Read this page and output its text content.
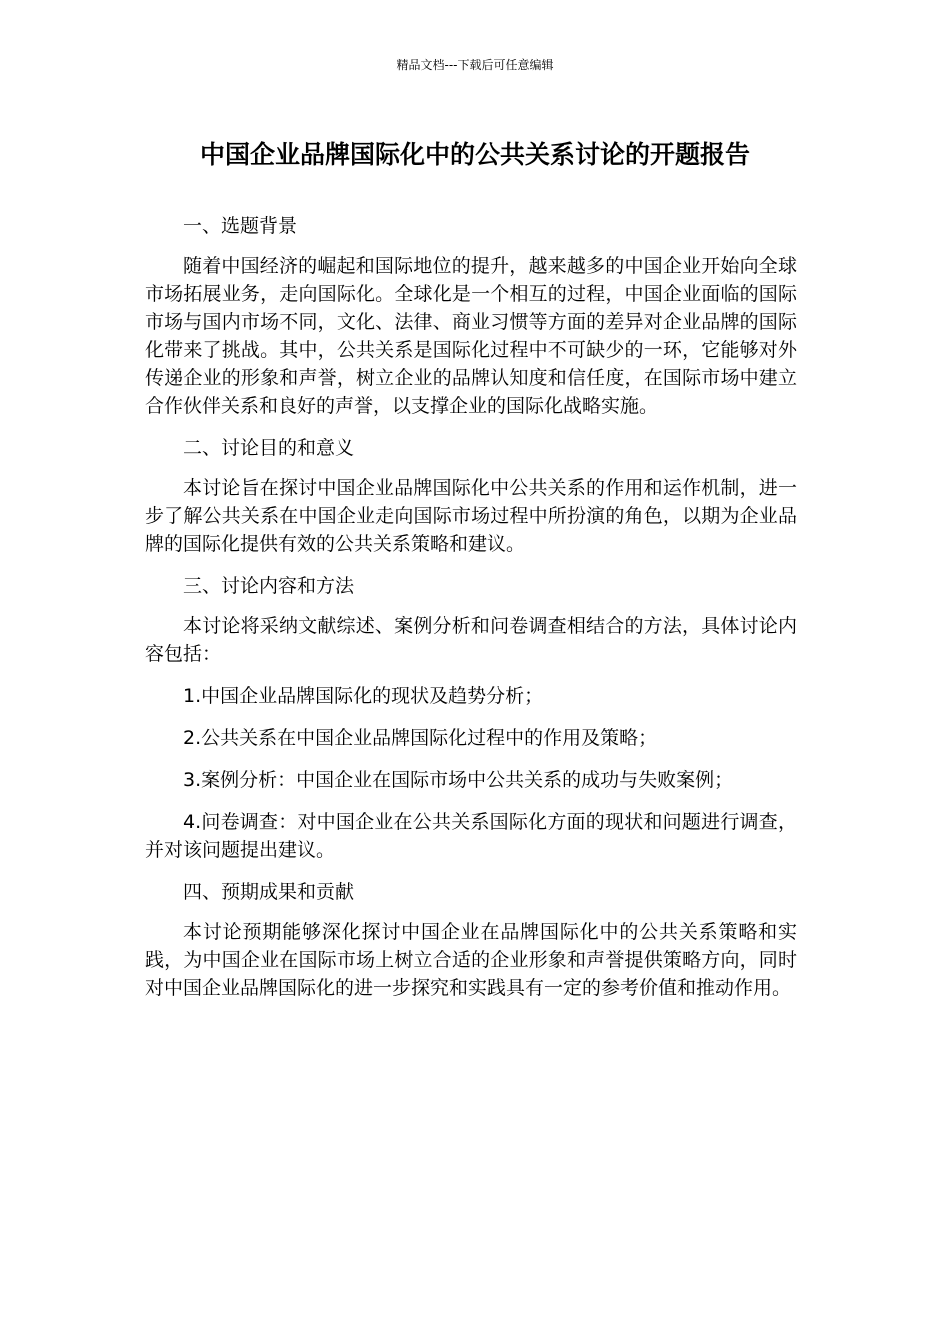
精品文档---下载后可任意编辑
中国企业品牌国际化中的公共关系讨论的开题报告

一、选题背景

随着中国经济的崛起和国际地位的提升，越来越多的中国企业开始向全球市场拓展业务，走向国际化。全球化是一个相互的过程，中国企业面临的国际市场与国内市场不同，文化、法律、商业习惯等方面的差异对企业品牌的国际化带来了挑战。其中，公共关系是国际化过程中不可缺少的一环，它能够对外传递企业的形象和声誉，树立企业的品牌认知度和信任度，在国际市场中建立合作伙伴关系和良好的声誉，以支撑企业的国际化战略实施。

二、讨论目的和意义

本讨论旨在探讨中国企业品牌国际化中公共关系的作用和运作机制，进一步了解公共关系在中国企业走向国际市场过程中所扮演的角色，以期为企业品牌的国际化提供有效的公共关系策略和建议。

三、讨论内容和方法

本讨论将采纳文献综述、案例分析和问卷调查相结合的方法，具体讨论内容包括：

1.中国企业品牌国际化的现状及趋势分析；

2.公共关系在中国企业品牌国际化过程中的作用及策略；

3.案例分析：中国企业在国际市场中公共关系的成功与失败案例；

4.问卷调查：对中国企业在公共关系国际化方面的现状和问题进行调查，并对该问题提出建议。

四、预期成果和贡献

本讨论预期能够深化探讨中国企业在品牌国际化中的公共关系策略和实践，为中国企业在国际市场上树立合适的企业形象和声誉提供策略方向，同时对中国企业品牌国际化的进一步探究和实践具有一定的参考价值和推动作用。
